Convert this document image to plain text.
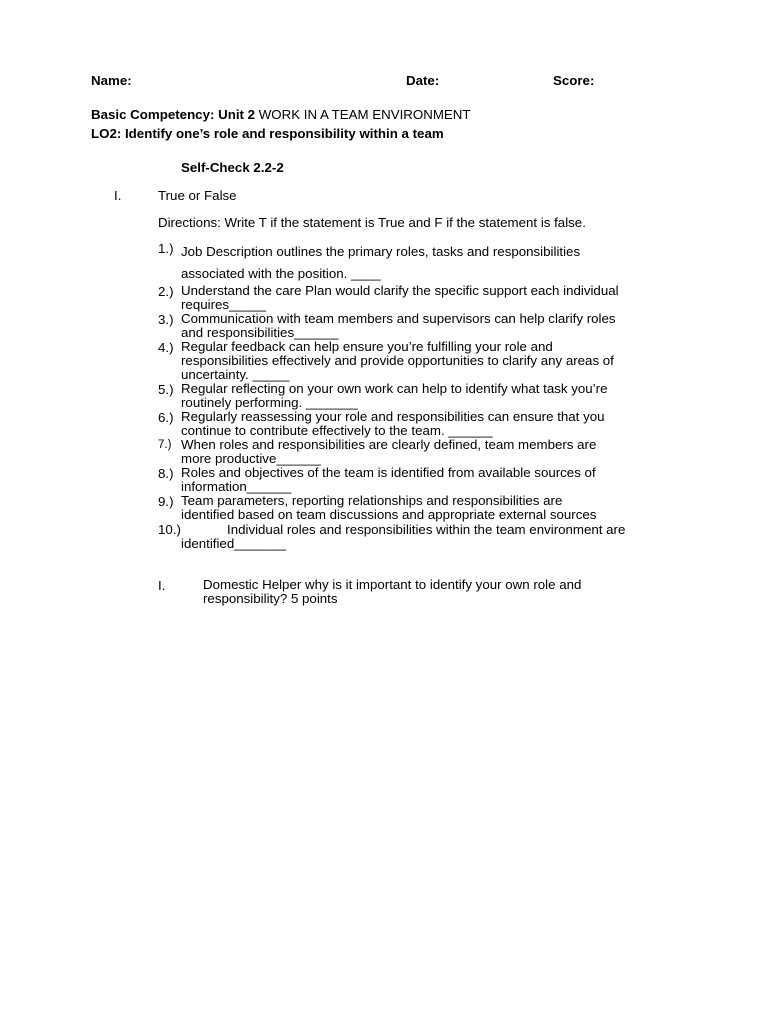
Name:	Date:	Score:
Basic Competency: Unit 2 WORK IN A TEAM ENVIRONMENT
LO2: Identify one’s role and responsibility within a team
Self-Check 2.2-2
I.	True or False
Directions: Write T if the statement is True and F if the statement is false.
1.) Job Description outlines the primary roles, tasks and responsibilities
associated with the position. ____
2.) Understand the care Plan would clarify the specific support each individual
requires_____
3.) Communication with team members and supervisors can help clarify roles
and responsibilities______
4.) Regular feedback can help ensure you’re fulfilling your role and
responsibilities effectively and provide opportunities to clarify any areas of
uncertainty. _____
5.) Regular reflecting on your own work can help to identify what task you’re
routinely performing. _______
6.) Regularly reassessing your role and responsibilities can ensure that you
continue to contribute effectively to the team. ______
7.) When roles and responsibilities are clearly defined, team members are
more productive______
8.) Roles and objectives of the team is identified from available sources of
information______
9.) Team parameters, reporting relationships and responsibilities are
identified based on team discussions and appropriate external sources
10.)	Individual roles and responsibilities within the team environment are
identified_______
I.	Domestic Helper why is it important to identify your own role and
responsibility? 5 points
